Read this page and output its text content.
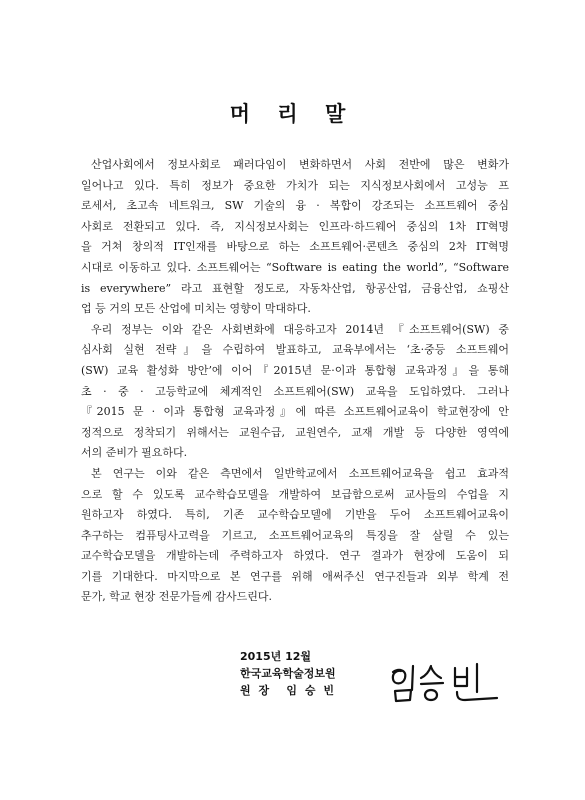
머 리 말
산업사회에서 정보사회로 패러다임이 변화하면서 사회 전반에 많은 변화가
일어나고 있다. 특히 정보가 중요한 가치가 되는 지식정보사회에서 고성능 프
로세서, 초고속 네트워크, SW 기술의 융 · 복합이 강조되는 소프트웨어 중심
사회로 전환되고 있다. 즉, 지식정보사회는 인프라·하드웨어 중심의 1차 IT혁명
을 거쳐 창의적 IT인재를 바탕으로 하는 소프트웨어·콘텐츠 중심의 2차 IT혁명
시대로 이동하고 있다. 소프트웨어는 “Software is eating the world”, “Software
is everywhere” 라고 표현할 정도로, 자동차산업, 항공산업, 금융산업, 쇼핑산
업 등 거의 모든 산업에 미치는 영향이 막대하다.
우리 정부는 이와 같은 사회변화에 대응하고자 2014년 『소프트웨어(SW) 중
심사회 실현 전략』을 수립하여 발표하고, 교육부에서는 ‘초·중등 소프트웨어
(SW) 교육 활성화 방안’에 이어『2015년 문·이과 통합형 교육과정』을 통해
초 · 중 · 고등학교에 체계적인 소프트웨어(SW) 교육을 도입하였다. 그러나
『2015 문 · 이과 통합형 교육과정』에 따른 소프트웨어교육이 학교현장에 안
정적으로 정착되기 위해서는 교원수급, 교원연수, 교재 개발 등 다양한 영역에
서의 준비가 필요하다.
본 연구는 이와 같은 측면에서 일반학교에서 소프트웨어교육을 쉽고 효과적
으로 할 수 있도록 교수학습모델을 개발하여 보급함으로써 교사들의 수업을 지
원하고자 하였다. 특히, 기존 교수학습모델에 기반을 두어 소프트웨어교육이
추구하는 컴퓨팅사고력을 기르고, 소프트웨어교육의 특징을 잘 살릴 수 있는
교수학습모델을 개발하는데 주력하고자 하였다. 연구 결과가 현장에 도움이 되
기를 기대한다. 마지막으로 본 연구를 위해 애써주신 연구진들과 외부 학계 전
문가, 학교 현장 전문가들께 감사드린다.
2015년 12월
한국교육학술정보원
원 장 임 승 빈
